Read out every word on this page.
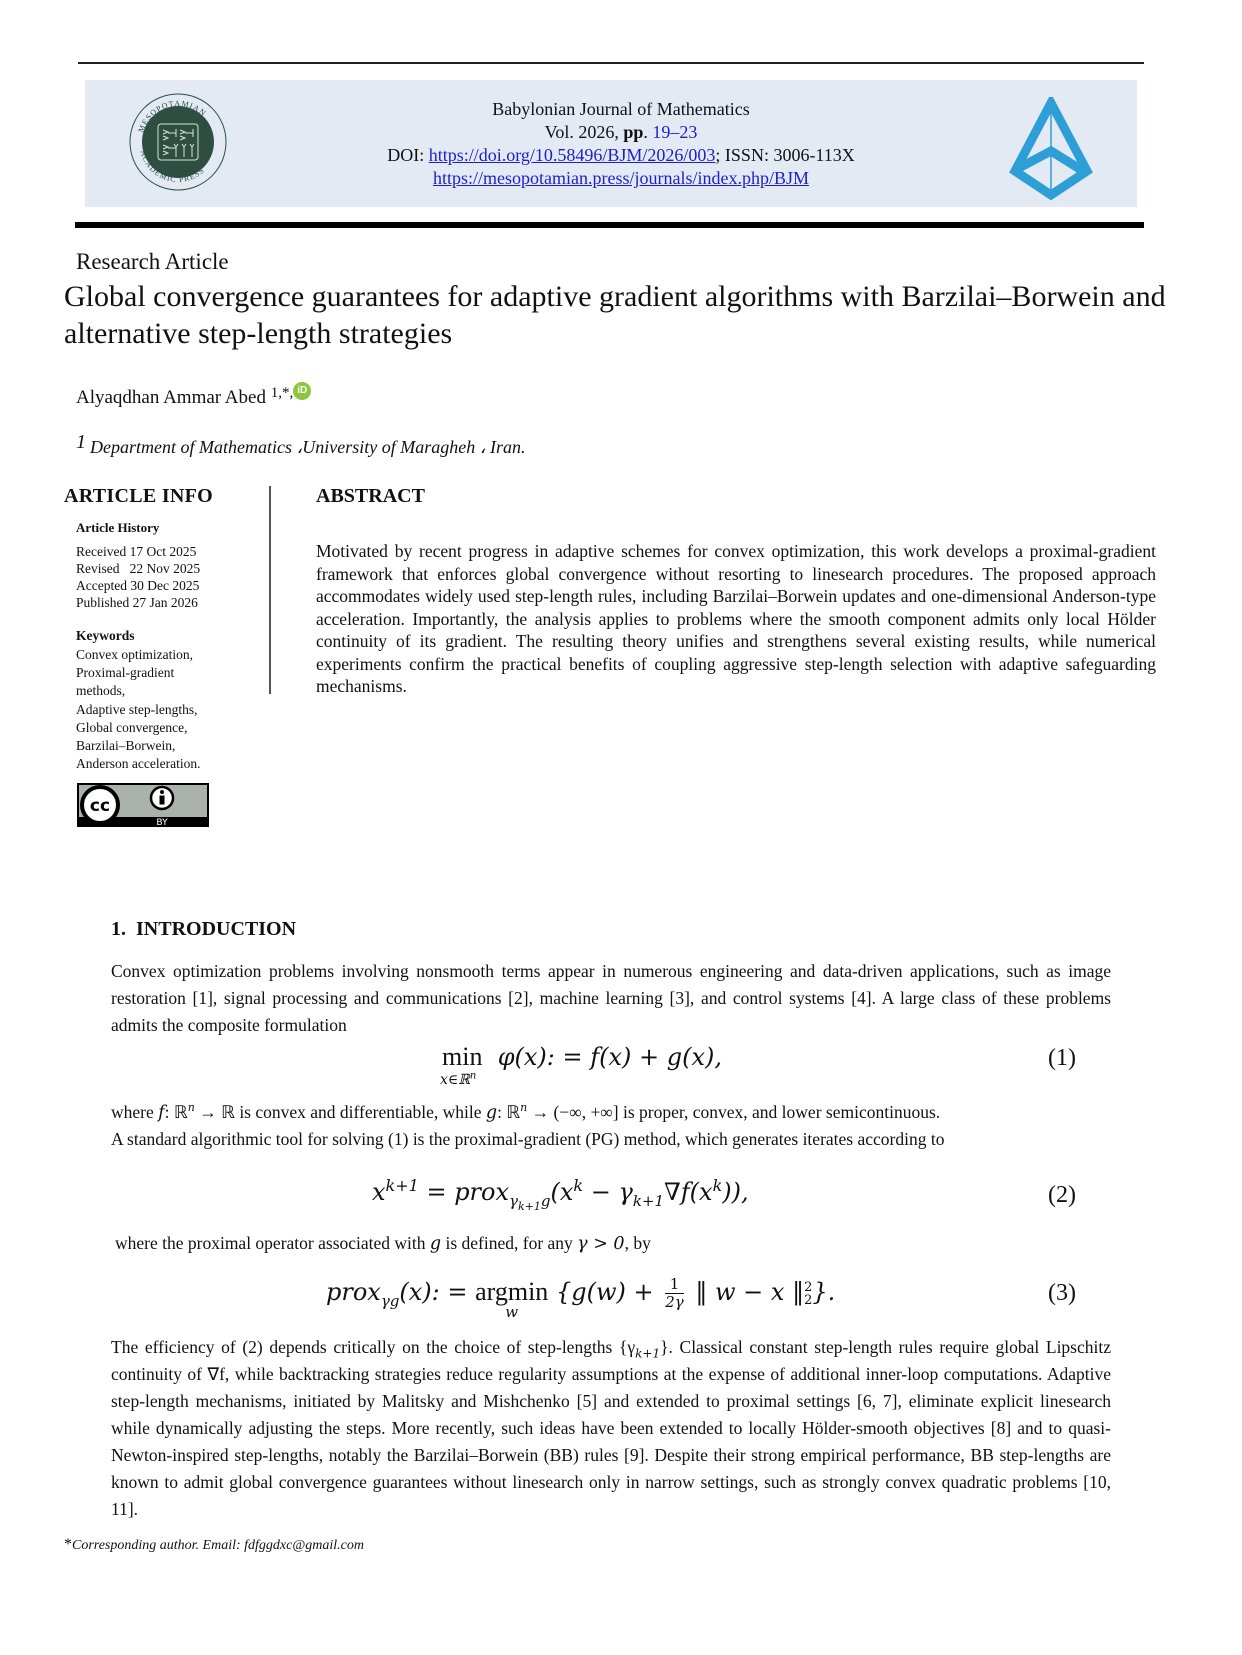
MESOPOTAMIAN
ACADEMIC PRESS
Babylonian Journal of Mathematics
Vol. 2026, pp. 19–23
DOI: https://doi.org/10.58496/BJM/2026/003; ISSN: 3006-113X
https://mesopotamian.press/journals/index.php/BJM
Research Article
Global convergence guarantees for adaptive gradient algorithms with Barzilai–Borwein and alternative step-length strategies
Alyaqdhan Ammar Abed $^{1,*,}$ iD
1 Department of Mathematics ،University of Maragheh ، Iran.
ARTICLE INFO
Article History
Received 17 Oct 2025
Revised   22 Nov 2025
Accepted 30 Dec 2025
Published 27 Jan 2026
Keywords
Convex optimization,
Proximal-gradient methods,
Adaptive step-lengths,
Global convergence,
Barzilai–Borwein,
Anderson acceleration.
cc
BY
ABSTRACT
Motivated by recent progress in adaptive schemes for convex optimization, this work develops a proximal-gradient framework that enforces global convergence without resorting to linesearch procedures. The proposed approach accommodates widely used step-length rules, including Barzilai–Borwein updates and one-dimensional Anderson-type acceleration. Importantly, the analysis applies to problems where the smooth component admits only local Hölder continuity of its gradient. The resulting theory unifies and strengthens several existing results, while numerical experiments confirm the practical benefits of coupling aggressive step-length selection with adaptive safeguarding mechanisms.
1.  INTRODUCTION
Convex optimization problems involving nonsmooth terms appear in numerous engineering and data-driven applications, such as image restoration [1], signal processing and communications [2], machine learning [3], and control systems [4]. A large class of these problems admits the composite formulation
min φ(x): = f(x) + g(x),
x∈ℝ$^n$
(1)
where f: ℝ$^n$ → ℝ is convex and differentiable, while g: ℝ$^n$ → (−∞, +∞] is proper, convex, and lower semicontinuous.
A standard algorithmic tool for solving (1) is the proximal-gradient (PG) method, which generates iterates according to
$x^{k+1}$ = $prox_{\gamma_{k+1}g}(x^k - \gamma_{k+1}\nabla f(x^k))$,	(2)
where the proximal operator associated with g is defined, for any γ > 0, by
prox$_{\gamma g}$(x): = argmin
w
{$g(w) + \frac{1}{2\gamma}$ ‖ w − x ‖ 2
2 }.	(3)
The efficiency of (2) depends critically on the choice of step-lengths $\{\gamma_{k+1}\}$. Classical constant step-length rules require global Lipschitz continuity of ∇f, while backtracking strategies reduce regularity assumptions at the expense of additional inner-loop computations. Adaptive step-length mechanisms, initiated by Malitsky and Mishchenko [5] and extended to proximal settings [6, 7], eliminate explicit linesearch while dynamically adjusting the steps. More recently, such ideas have been extended to locally Hölder-smooth objectives [8] and to quasi-Newton-inspired step-lengths, notably the Barzilai–Borwein (BB) rules [9]. Despite their strong empirical performance, BB step-lengths are known to admit global convergence guarantees without linesearch only in narrow settings, such as strongly convex quadratic problems [10, 11].
*Corresponding author. Email: fdfggdxc@gmail.com
